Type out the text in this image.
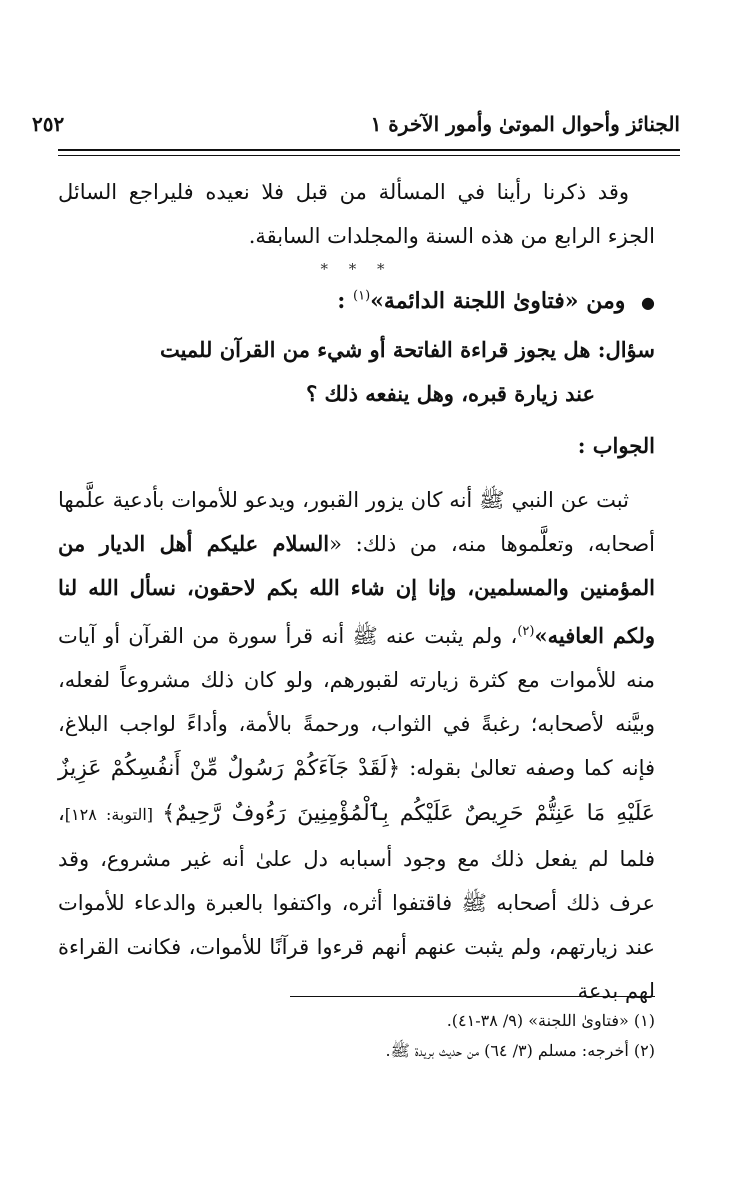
الجنائز وأحوال الموتىٰ وأمور الآخرة ١
٢٥٢
وقد ذكرنا رأينا في المسألة من قبل فلا نعيده فليراجع السائل الجزء الرابع من هذه السنة والمجلدات السابقة.
* * *
● ومن «فتاوىٰ اللجنة الدائمة»$^{(١)}$ :
سؤال: هل يجوز قراءة الفاتحة أو شيء من القرآن للميت
عند زيارة قبره، وهل ينفعه ذلك ؟
الجواب :
ثبت عن النبي ﷺ أنه كان يزور القبور، ويدعو للأموات بأدعية علَّمها أصحابه، وتعلَّموها منه، من ذلك: «السلام عليكم أهل الديار من المؤمنين والمسلمين، وإنا إن شاء الله بكم لاحقون، نسأل الله لنا ولكم العافيه»$^{(٢)}$، ولم يثبت عنه ﷺ أنه قرأ سورة من القرآن أو آيات منه للأموات مع كثرة زيارته لقبورهم، ولو كان ذلك مشروعاً لفعله، وبيَّنه لأصحابه؛ رغبةً في الثواب، ورحمةً بالأمة، وأداءً لواجب البلاغ، فإنه كما وصفه تعالىٰ بقوله: ﴿لَقَدْ جَآءَكُمْ رَسُولٌ مِّنْ أَنفُسِكُمْ عَزِيزٌ عَلَيْهِ مَا عَنِتُّمْ حَرِيصٌ عَلَيْكُم بِٱلْمُؤْمِنِينَ رَءُوفٌ رَّحِيمٌ﴾ [التوبة: ١٢٨]، فلما لم يفعل ذلك مع وجود أسبابه دل علىٰ أنه غير مشروع، وقد عرف ذلك أصحابه ﷺ فاقتفوا أثره، واكتفوا بالعبرة والدعاء للأموات عند زيارتهم، ولم يثبت عنهم أنهم قرءوا قرآنًا للأموات، فكانت القراءة لهم بدعة
(١) «فتاوىٰ اللجنة» (٩/ ٣٨-٤١).
(٢) أخرجه: مسلم (٣/ ٦٤) من حديث بريدة ﷺ.
